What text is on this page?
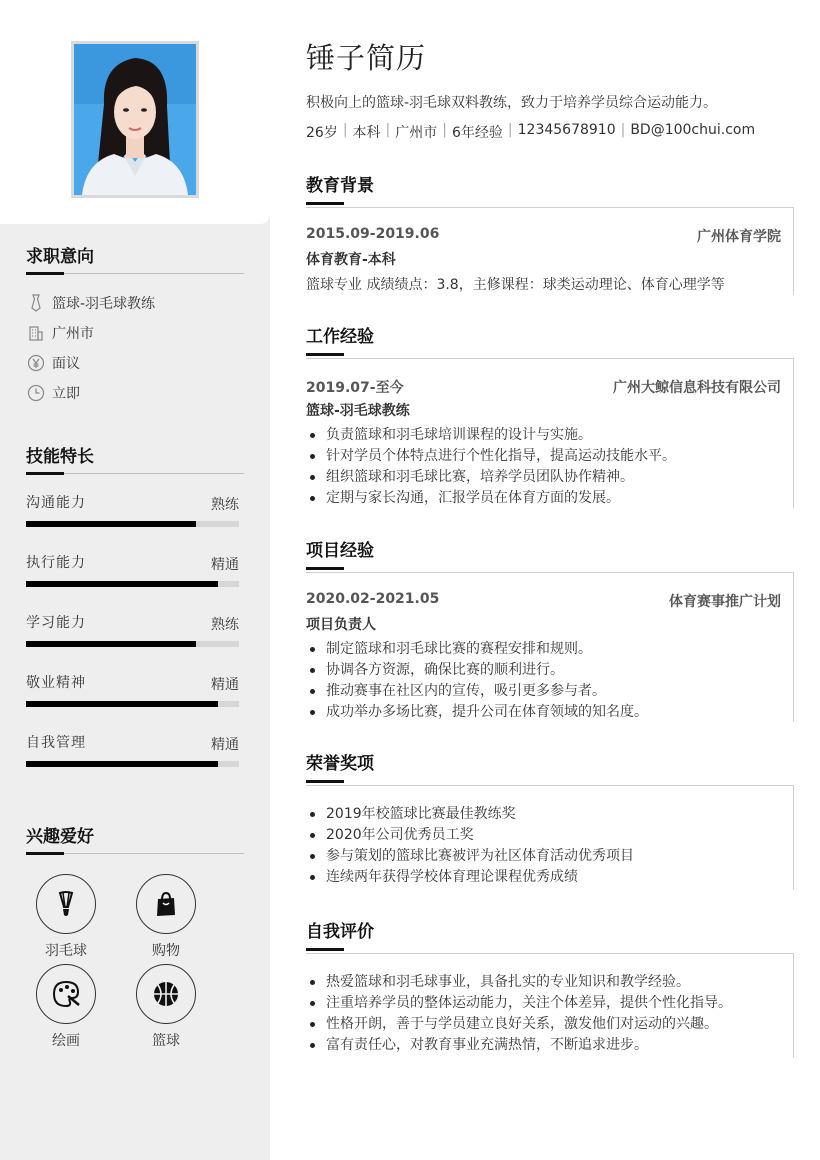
求职意向
篮球-羽毛球教练
广州市
面议
立即
技能特长
沟通能力	熟练
执行能力	精通
学习能力	熟练
敬业精神	精通
自我管理	精通
兴趣爱好
羽毛球	购物
绘画	篮球
锤子简历
积极向上的篮球-羽毛球双料教练，致力于培养学员综合运动能力。
26岁 | 本科 | 广州市 | 6年经验 | 12345678910 | BD@100chui.com
教育背景
2015.09-2019.06	广州体育学院
体育教育-本科
篮球专业 成绩绩点：3.8，主修课程：球类运动理论、体育心理学等
工作经验
2019.07-至今	广州大鲸信息科技有限公司
篮球-羽毛球教练
负责篮球和羽毛球培训课程的设计与实施。
针对学员个体特点进行个性化指导，提高运动技能水平。
组织篮球和羽毛球比赛，培养学员团队协作精神。
定期与家长沟通，汇报学员在体育方面的发展。
项目经验
2020.02-2021.05	体育赛事推广计划
项目负责人
制定篮球和羽毛球比赛的赛程安排和规则。
协调各方资源，确保比赛的顺利进行。
推动赛事在社区内的宣传，吸引更多参与者。
成功举办多场比赛，提升公司在体育领域的知名度。
荣誉奖项
2019年校篮球比赛最佳教练奖
2020年公司优秀员工奖
参与策划的篮球比赛被评为社区体育活动优秀项目
连续两年获得学校体育理论课程优秀成绩
自我评价
热爱篮球和羽毛球事业，具备扎实的专业知识和教学经验。
注重培养学员的整体运动能力，关注个体差异，提供个性化指导。
性格开朗，善于与学员建立良好关系，激发他们对运动的兴趣。
富有责任心，对教育事业充满热情，不断追求进步。
